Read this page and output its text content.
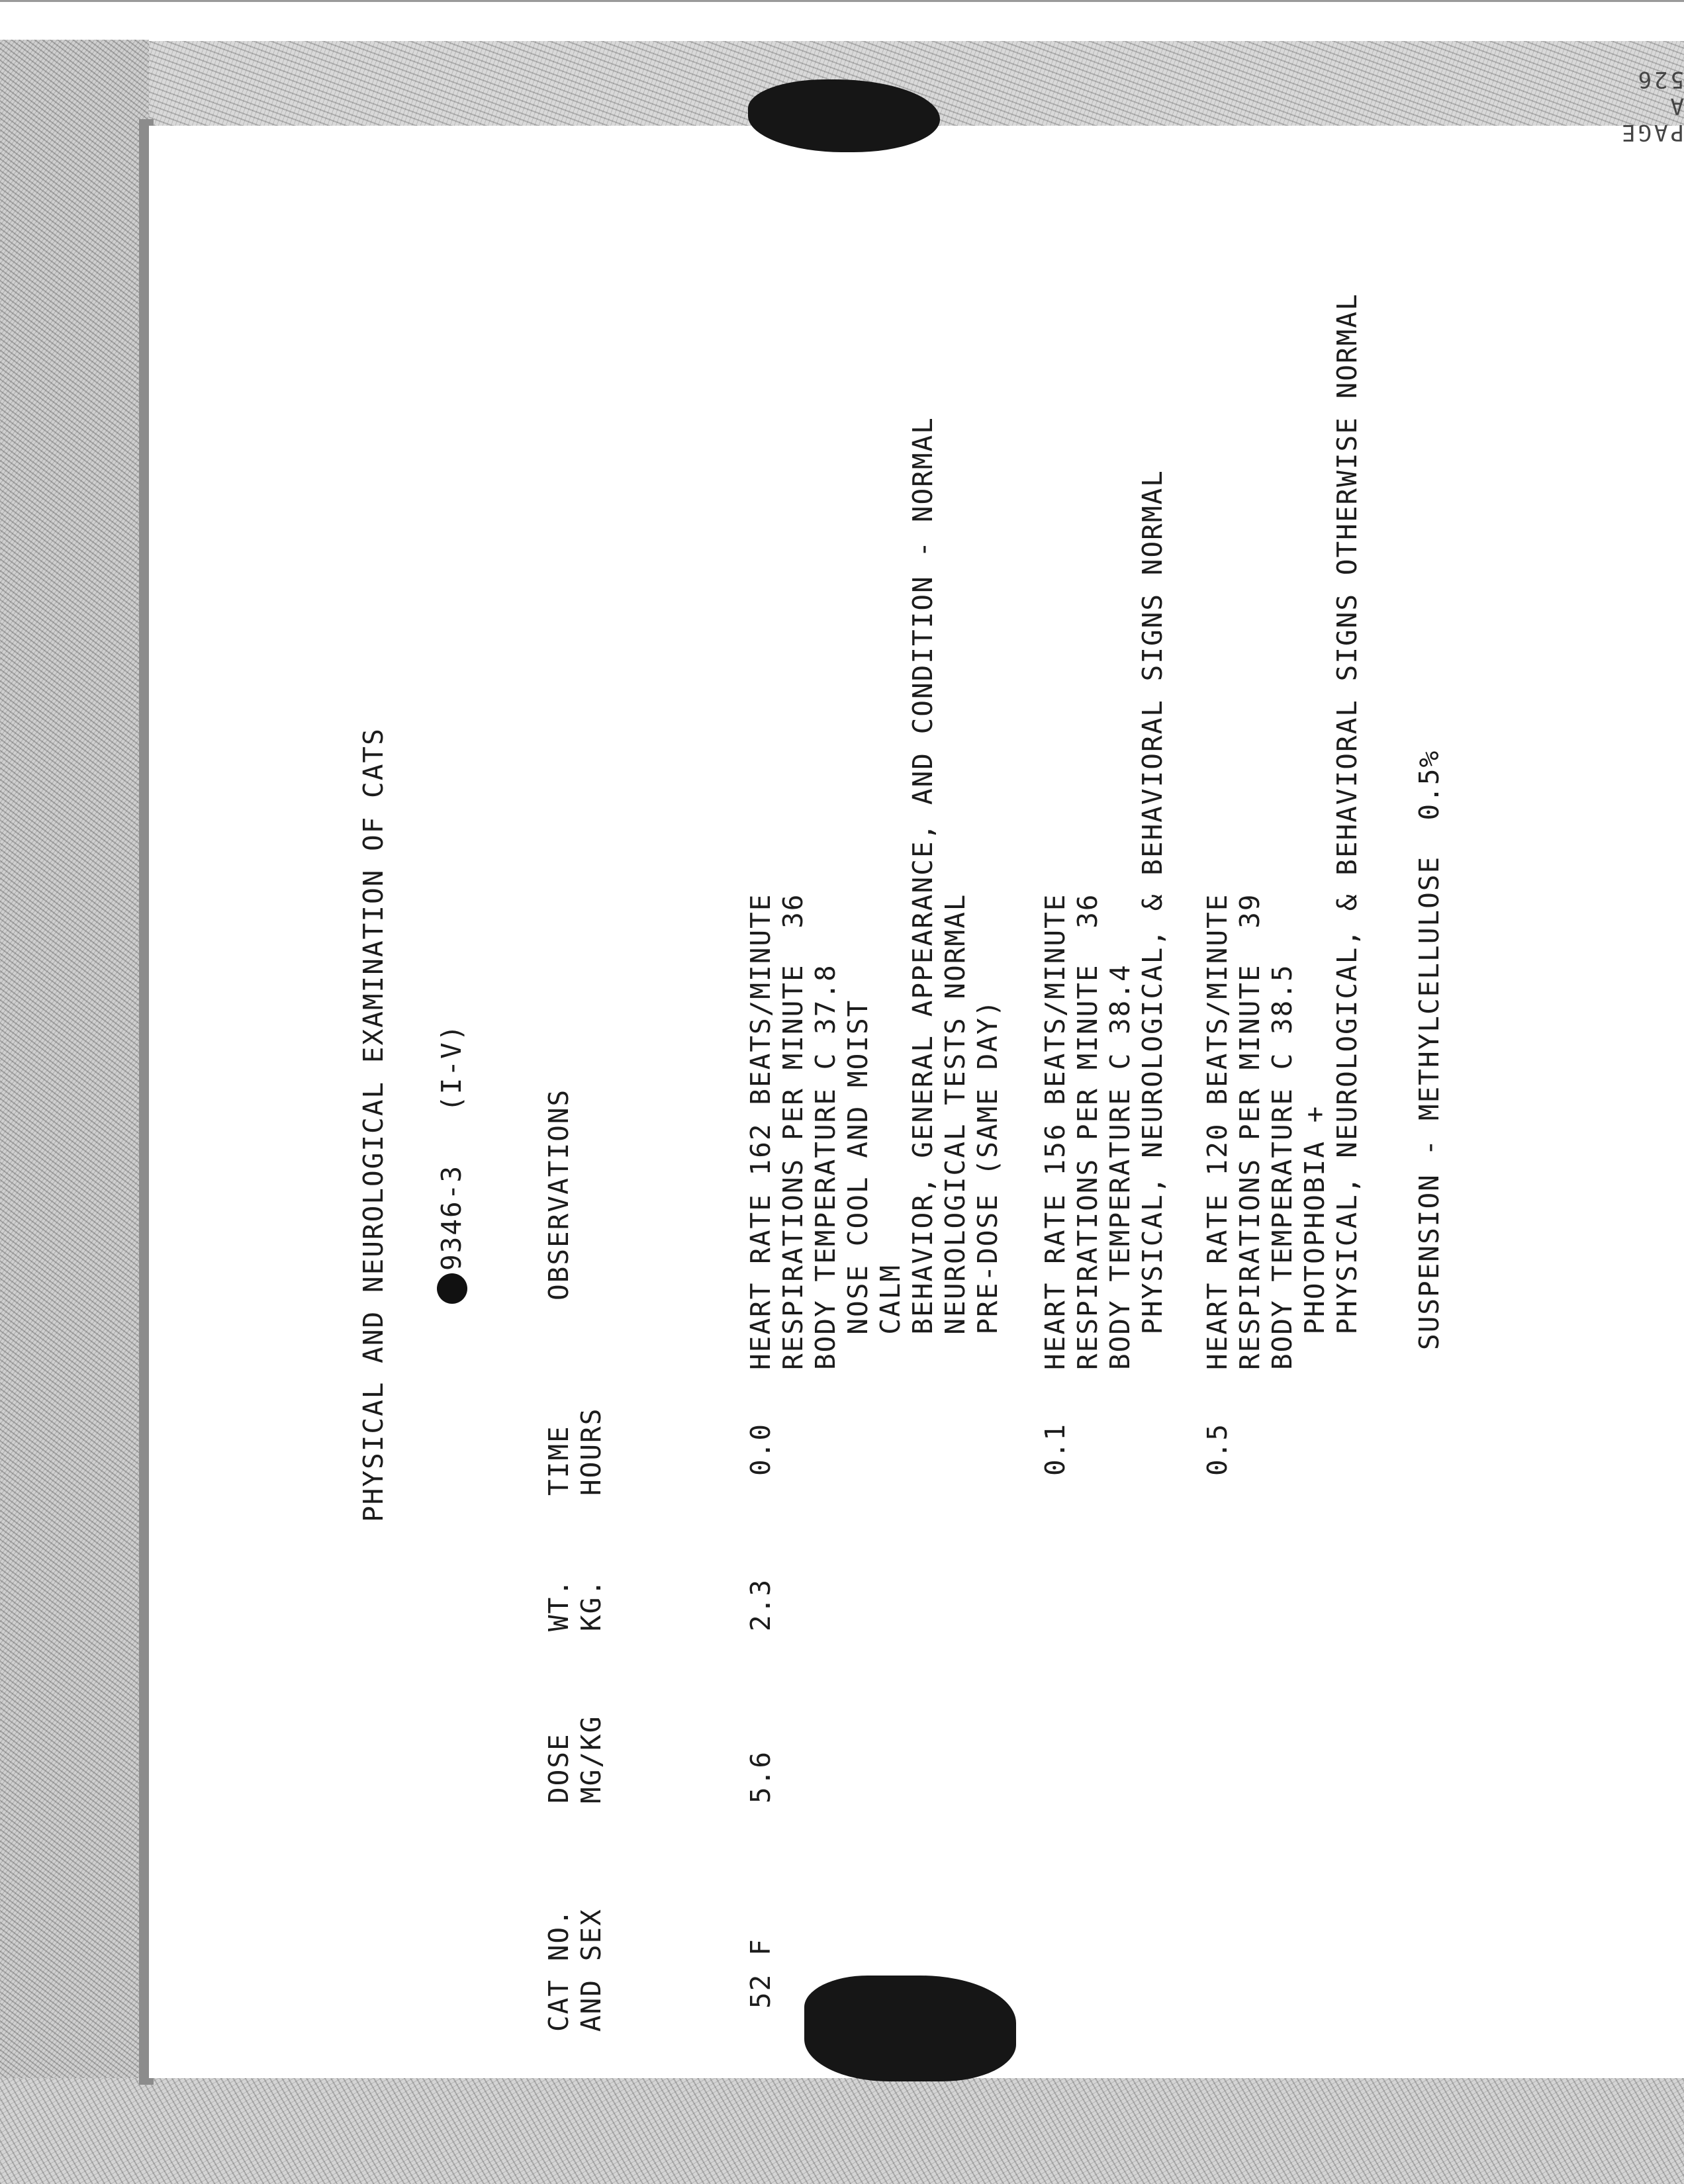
PAGE A 526
PHYSICAL AND NEUROLOGICAL EXAMINATION OF CATS 9346-3
(I-V)
CAT NO.
AND SEX
DOSE
MG/KG
WT.
KG.
TIME
HOURS
OBSERVATIONS
52 F
5.6
2.3
0.0
HEART RATE 162 BEATS/MINUTE RESPIRATIONS PER MINUTE  36 BODY TEMPERATURE C 37.8 NOSE COOL AND MOIST CALM BEHAVIOR, GENERAL APPEARANCE, AND CONDITION - NORMAL NEUROLOGICAL TESTS NORMAL PRE-DOSE (SAME DAY)
0.1
HEART RATE 156 BEATS/MINUTE RESPIRATIONS PER MINUTE  36 BODY TEMPERATURE C 38.4 PHYSICAL, NEUROLOGICAL, & BEHAVIORAL SIGNS NORMAL
0.5
HEART RATE 120 BEATS/MINUTE RESPIRATIONS PER MINUTE  39 BODY TEMPERATURE C 38.5 PHOTOPHOBIA + PHYSICAL, NEUROLOGICAL, & BEHAVIORAL SIGNS OTHERWISE NORMAL SUSPENSION - METHYLCELLULOSE  0.5%
